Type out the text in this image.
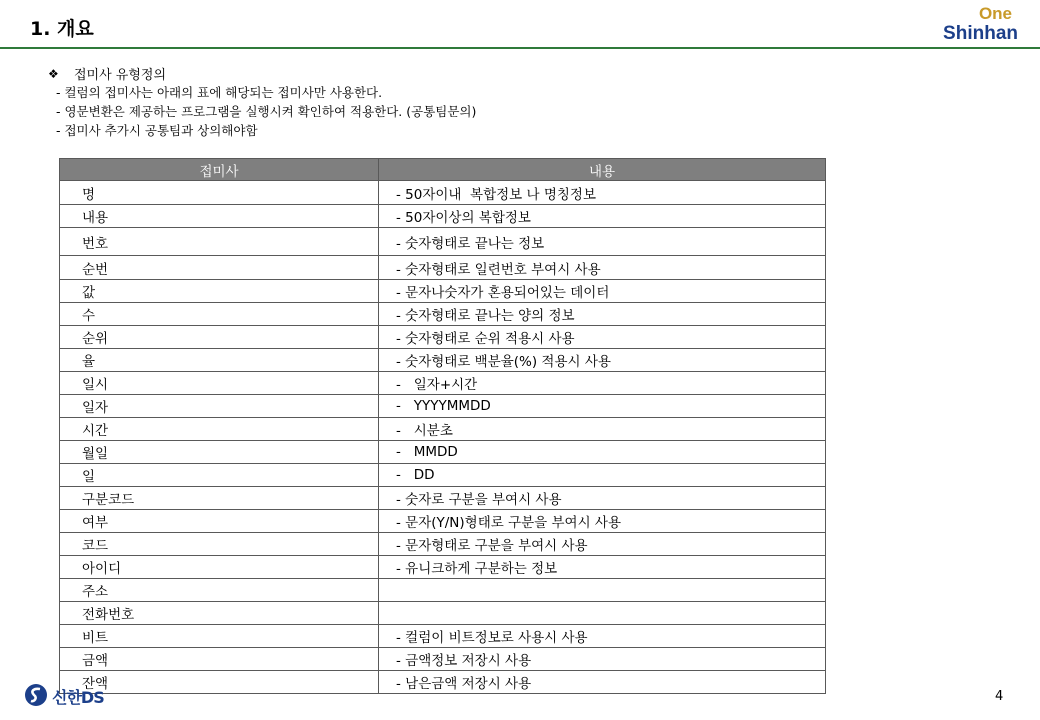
1. 개요
One
Shinhan
❖	접미사 유형정의
- 컬럼의 접미사는 아래의 표에 해당되는 접미사만 사용한다.
- 영문변환은 제공하는 프로그램을 실행시켜 확인하여 적용한다. (공통팀문의)
- 접미사 추가시 공통팀과 상의해야함
접미사	내용
명	- 50자이내  복합정보 나 명칭정보
내용	- 50자이상의 복합정보
번호	- 숫자형태로 끝나는 정보
순번	- 숫자형태로 일련번호 부여시 사용
값	- 문자나숫자가 혼용되어있는 데이터
수	- 숫자형태로 끝나는 양의 정보
순위	- 숫자형태로 순위 적용시 사용
율	- 숫자형태로 백분율(%) 적용시 사용
일시	-   일자+시간
일자	-   YYYYMMDD
시간	-   시분초
월일	-   MMDD
일	-   DD
구분코드	- 숫자로 구분을 부여시 사용
여부	- 문자(Y/N)형태로 구분을 부여시 사용
코드	- 문자형태로 구분을 부여시 사용
아이디	- 유니크하게 구분하는 정보
주소	
전화번호	
비트	- 컬럼이 비트정보로 사용시 사용
금액	- 금액정보 저장시 사용
잔액	- 남은금액 저장시 사용
신한DS	4
